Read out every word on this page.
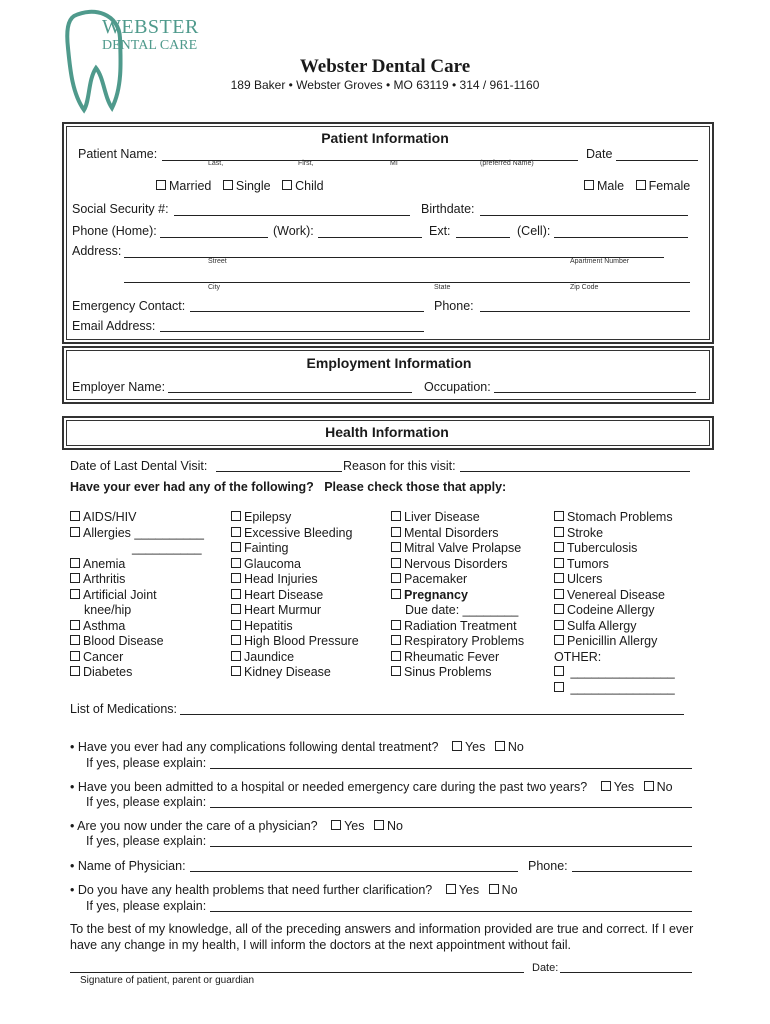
WEBSTER
DENTAL CARE
Webster Dental Care
189 Baker • Webster Groves • MO 63119 • 314 / 961-1160
Patient Information
Patient Name:
Last,	First,	MI	(preferred Name)
Date
Married Single Child	Male Female
Social Security #:	Birthdate:
Phone (Home):	(Work):	Ext:	(Cell):
Address:
Street	Apartment Number
City	State	Zip Code
Emergency Contact:	Phone:
Email Address:
Employment Information
Employer Name:	Occupation:
Health Information
Date of Last Dental Visit:	Reason for this visit:
Have your ever had any of the following?   Please check those that apply:
AIDS/HIV
Allergies __________
__________
Anemia
Arthritis
Artificial Joint
knee/hip
Asthma
Blood Disease
Cancer
Diabetes
Epilepsy
Excessive Bleeding
Fainting
Glaucoma
Head Injuries
Heart Disease
Heart Murmur
Hepatitis
High Blood Pressure
Jaundice
Kidney Disease
Liver Disease
Mental Disorders
Mitral Valve Prolapse
Nervous Disorders
Pacemaker
Pregnancy
Due date: ________
Radiation Treatment
Respiratory Problems
Rheumatic Fever
Sinus Problems
Stomach Problems
Stroke
Tuberculosis
Tumors
Ulcers
Venereal Disease
Codeine Allergy
Sulfa Allergy
Penicillin Allergy
OTHER:
_______________
_______________
List of Medications:
• Have you ever had any complications following dental treatment? Yes No
If yes, please explain:
• Have you been admitted to a hospital or needed emergency care during the past two years? Yes No
If yes, please explain:
• Are you now under the care of a physician? Yes No
If yes, please explain:
• Name of Physician:	Phone:
• Do you have any health problems that need further clarification? Yes No
If yes, please explain:
To the best of my knowledge, all of the preceding answers and information provided are true and correct. If I ever have any change in my health, I will inform the doctors at the next appointment without fail.
Date:
Signature of patient, parent or guardian
